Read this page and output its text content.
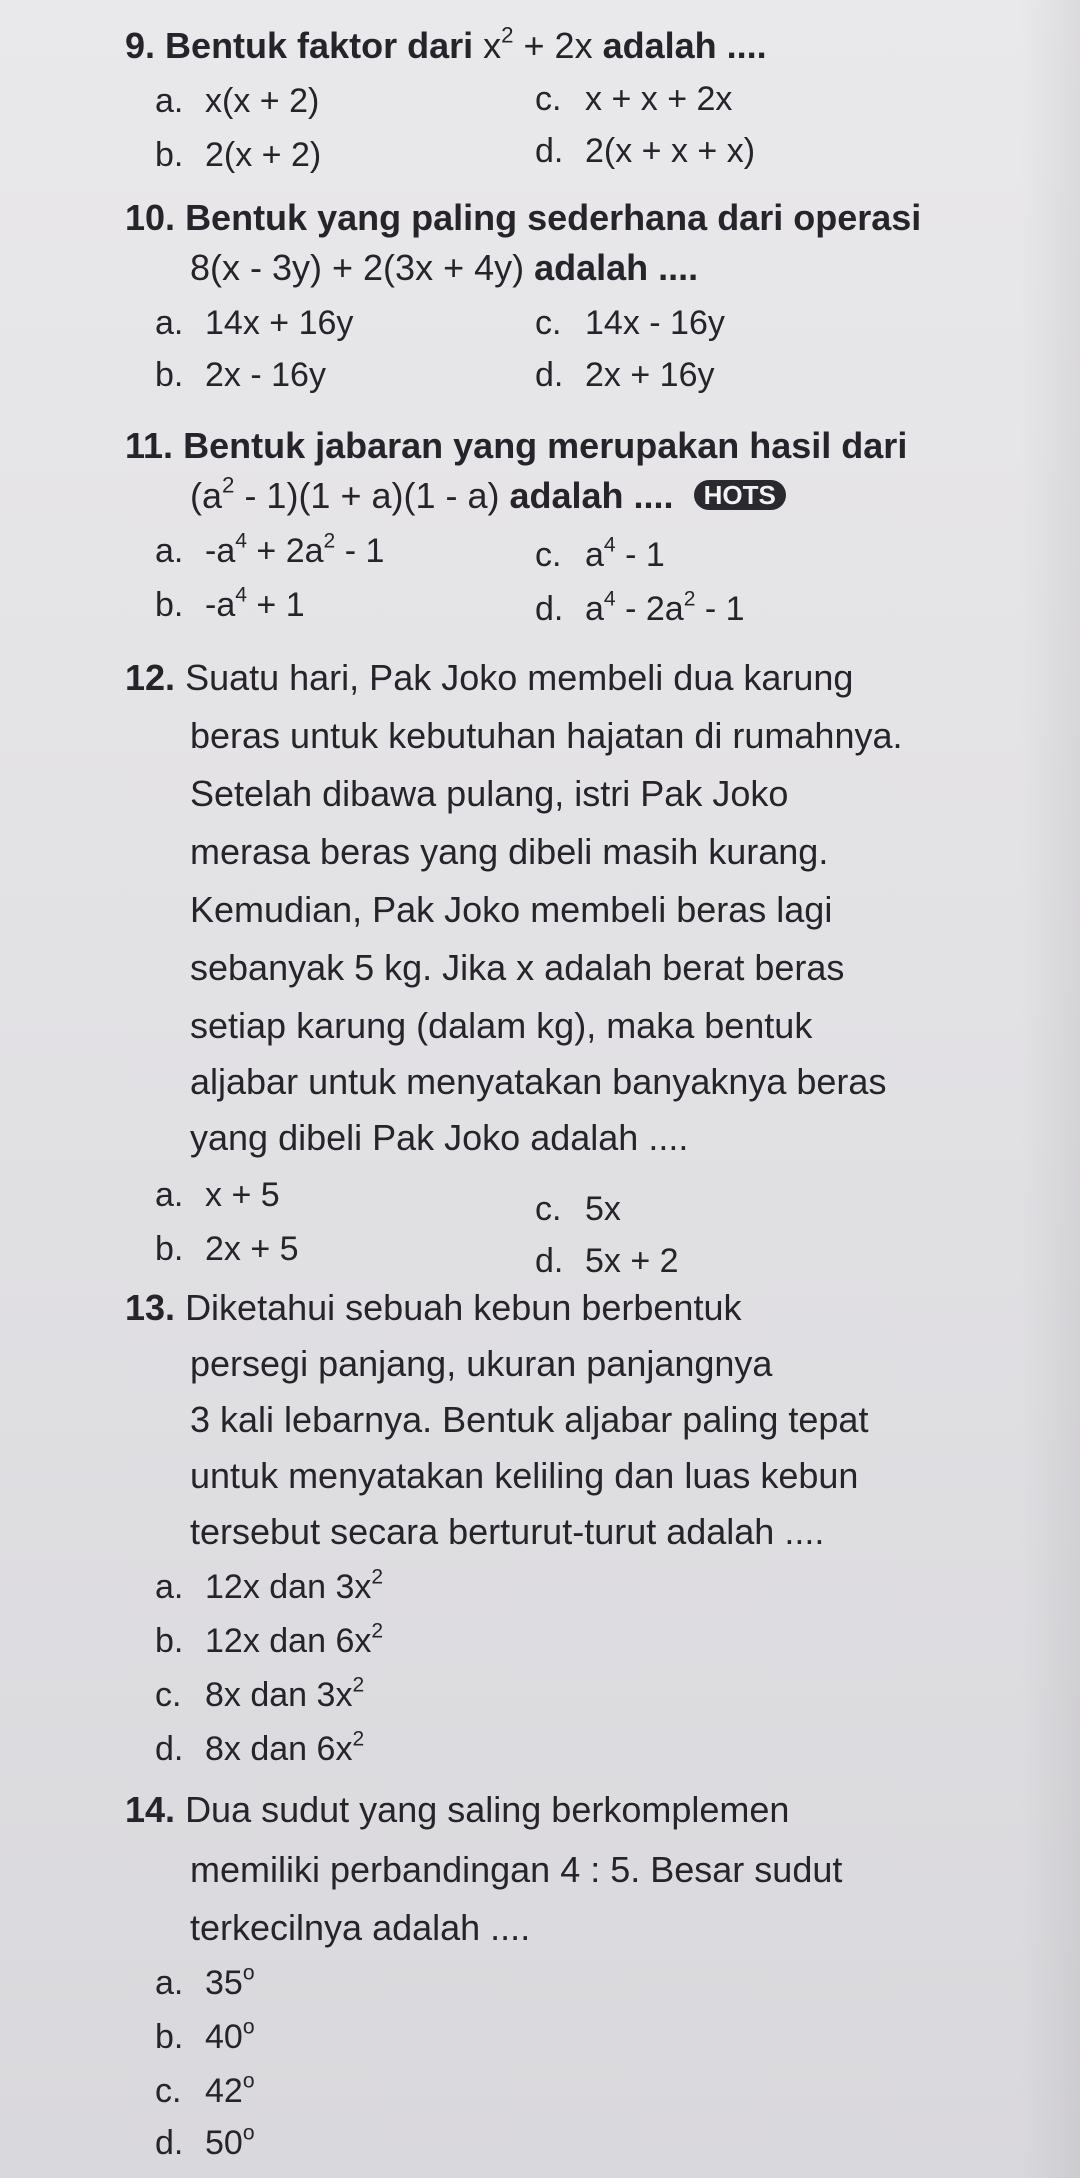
9. Bentuk faktor dari $x^2 + 2x$ adalah ....
a. x(x + 2)	c. x + x + 2x
b. 2(x + 2)	d. 2(x + x + x)
10. Bentuk yang paling sederhana dari operasi
8(x - 3y) + 2(3x + 4y) adalah ....
a. 14x + 16y	c. 14x - 16y
b. 2x - 16y	d. 2x + 16y
11. Bentuk jabaran yang merupakan hasil dari
$(a^2 - 1)(1 + a)(1 - a)$ adalah .... HOTS
a. $-a^4 + 2a^2 - 1$	c. $a^4 - 1$
b. $-a^4 + 1$	d. $a^4 - 2a^2 - 1$
12. Suatu hari, Pak Joko membeli dua karung
beras untuk kebutuhan hajatan di rumahnya.
Setelah dibawa pulang, istri Pak Joko
merasa beras yang dibeli masih kurang.
Kemudian, Pak Joko membeli beras lagi
sebanyak 5 kg. Jika x adalah berat beras
setiap karung (dalam kg), maka bentuk
aljabar untuk menyatakan banyaknya beras
yang dibeli Pak Joko adalah ....
a. x + 5	c. 5x
b. 2x + 5	d. 5x + 2
13. Diketahui sebuah kebun berbentuk
persegi panjang, ukuran panjangnya
3 kali lebarnya. Bentuk aljabar paling tepat
untuk menyatakan keliling dan luas kebun
tersebut secara berturut-turut adalah ....
a. 12x dan $3x^2$
b. 12x dan $6x^2$
c. 8x dan $3x^2$
d. 8x dan $6x^2$
14. Dua sudut yang saling berkomplemen
memiliki perbandingan 4 : 5. Besar sudut
terkecilnya adalah ....
a. 35$^o$
b. 40$^o$
c. 42$^o$
d. 50$^o$
